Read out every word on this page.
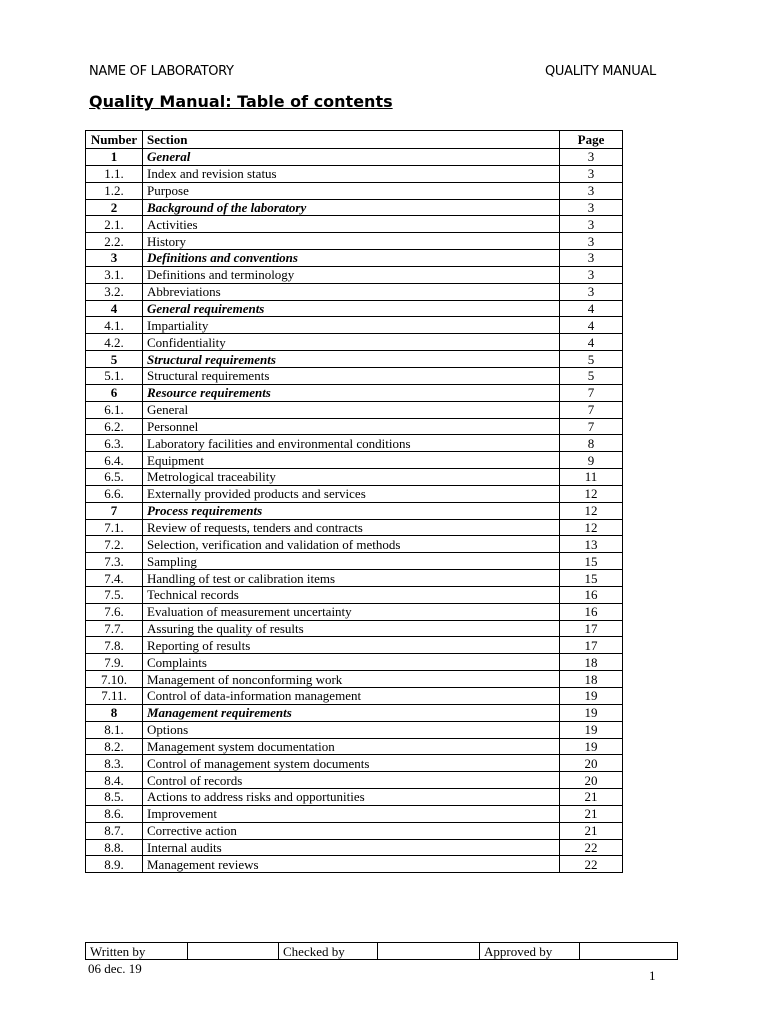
NAME OF LABORATORY	QUALITY MANUAL
Quality Manual: Table of contents
Number	Section	Page
1	General	3
1.1.	Index and revision status	3
1.2.	Purpose	3
2	Background of the laboratory	3
2.1.	Activities	3
2.2.	History	3
3	Definitions and conventions	3
3.1.	Definitions and terminology	3
3.2.	Abbreviations	3
4	General requirements	4
4.1.	Impartiality	4
4.2.	Confidentiality	4
5	Structural requirements	5
5.1.	Structural requirements	5
6	Resource requirements	7
6.1.	General	7
6.2.	Personnel	7
6.3.	Laboratory facilities and environmental conditions	8
6.4.	Equipment	9
6.5.	Metrological traceability	11
6.6.	Externally provided products and services	12
7	Process requirements	12
7.1.	Review of requests, tenders and contracts	12
7.2.	Selection, verification and validation of methods	13
7.3.	Sampling	15
7.4.	Handling of test or calibration items	15
7.5.	Technical records	16
7.6.	Evaluation of measurement uncertainty	16
7.7.	Assuring the quality of results	17
7.8.	Reporting of results	17
7.9.	Complaints	18
7.10.	Management of nonconforming work	18
7.11.	Control of data-information management	19
8	Management requirements	19
8.1.	Options	19
8.2.	Management system documentation	19
8.3.	Control of management system documents	20
8.4.	Control of records	20
8.5.	Actions to address risks and opportunities	21
8.6.	Improvement	21
8.7.	Corrective action	21
8.8.	Internal audits	22
8.9.	Management reviews	22
Written by		Checked by		Approved by	
06 dec. 19	1
